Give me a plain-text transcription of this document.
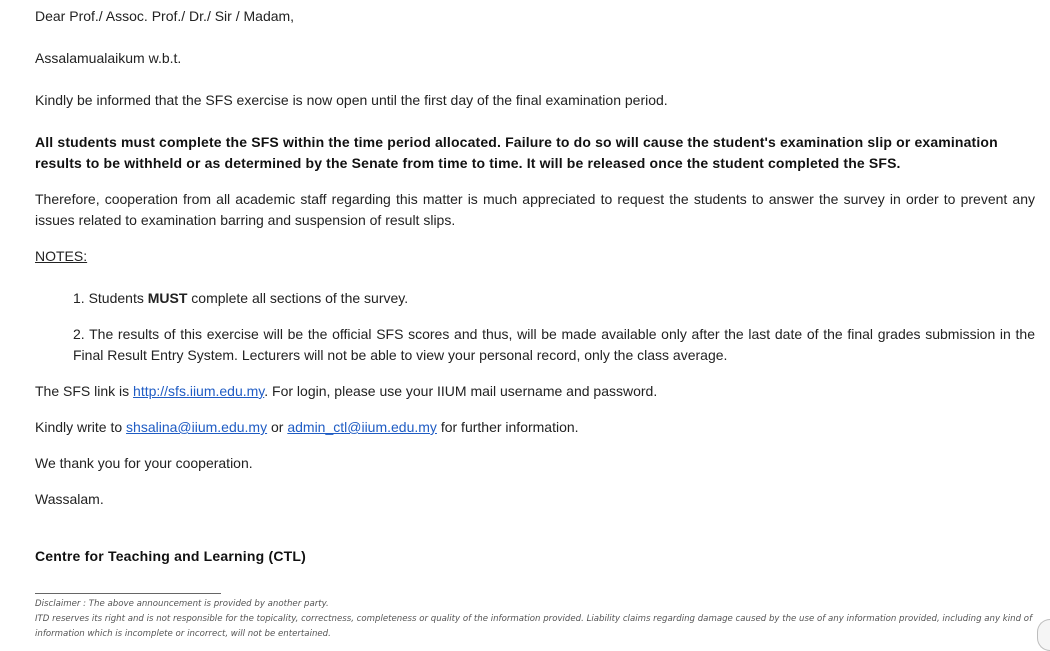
Dear Prof./ Assoc. Prof./ Dr./ Sir / Madam,
Assalamualaikum w.b.t.
Kindly be informed that the SFS exercise is now open until the first day of the final examination period.
All students must complete the SFS within the time period allocated. Failure to do so will cause the student's examination slip or examination
results to be withheld or as determined by the Senate from time to time. It will be released once the student completed the SFS.
Therefore, cooperation from all academic staff regarding this matter is much appreciated to request the students to answer the survey in order to prevent any issues related to examination barring and suspension of result slips.
NOTES:
1. Students MUST complete all sections of the survey.
2. The results of this exercise will be the official SFS scores and thus, will be made available only after the last date of the final grades submission in the Final Result Entry System. Lecturers will not be able to view your personal record, only the class average.
The SFS link is http://sfs.iium.edu.my. For login, please use your IIUM mail username and password.
Kindly write to shsalina@iium.edu.my or admin_ctl@iium.edu.my for further information.
We thank you for your cooperation.
Wassalam.
Centre for Teaching and Learning (CTL)
Disclaimer : The above announcement is provided by another party.
ITD reserves its right and is not responsible for the topicality, correctness, completeness or quality of the information provided. Liability claims regarding damage caused by the use of any information provided, including any kind of
information which is incomplete or incorrect, will not be entertained.
